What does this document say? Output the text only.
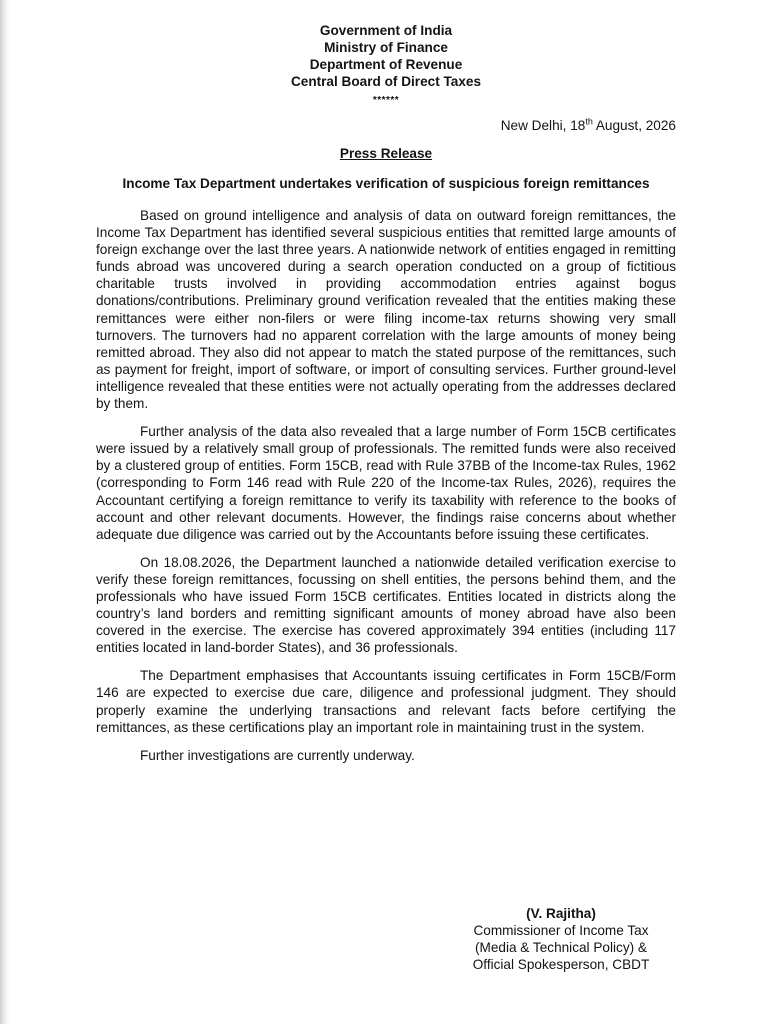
Government of India
Ministry of Finance
Department of Revenue
Central Board of Direct Taxes
******
New Delhi, 18th August, 2026
Press Release
Income Tax Department undertakes verification of suspicious foreign remittances

Based on ground intelligence and analysis of data on outward foreign remittances, the Income Tax Department has identified several suspicious entities that remitted large amounts of foreign exchange over the last three years. A nationwide network of entities engaged in remitting funds abroad was uncovered during a search operation conducted on a group of fictitious charitable trusts involved in providing accommodation entries against bogus donations/contributions. Preliminary ground verification revealed that the entities making these remittances were either non-filers or were filing income-tax returns showing very small turnovers. The turnovers had no apparent correlation with the large amounts of money being remitted abroad. They also did not appear to match the stated purpose of the remittances, such as payment for freight, import of software, or import of consulting services. Further ground-level intelligence revealed that these entities were not actually operating from the addresses declared by them.

Further analysis of the data also revealed that a large number of Form 15CB certificates were issued by a relatively small group of professionals. The remitted funds were also received by a clustered group of entities. Form 15CB, read with Rule 37BB of the Income-tax Rules, 1962 (corresponding to Form 146 read with Rule 220 of the Income-tax Rules, 2026), requires the Accountant certifying a foreign remittance to verify its taxability with reference to the books of account and other relevant documents. However, the findings raise concerns about whether adequate due diligence was carried out by the Accountants before issuing these certificates.

On 18.08.2026, the Department launched a nationwide detailed verification exercise to verify these foreign remittances, focussing on shell entities, the persons behind them, and the professionals who have issued Form 15CB certificates. Entities located in districts along the country’s land borders and remitting significant amounts of money abroad have also been covered in the exercise. The exercise has covered approximately 394 entities (including 117 entities located in land-border States), and 36 professionals.

The Department emphasises that Accountants issuing certificates in Form 15CB/Form 146 are expected to exercise due care, diligence and professional judgment. They should properly examine the underlying transactions and relevant facts before certifying the remittances, as these certifications play an important role in maintaining trust in the system.

Further investigations are currently underway.

(V. Rajitha)
Commissioner of Income Tax
(Media & Technical Policy) &
Official Spokesperson, CBDT
